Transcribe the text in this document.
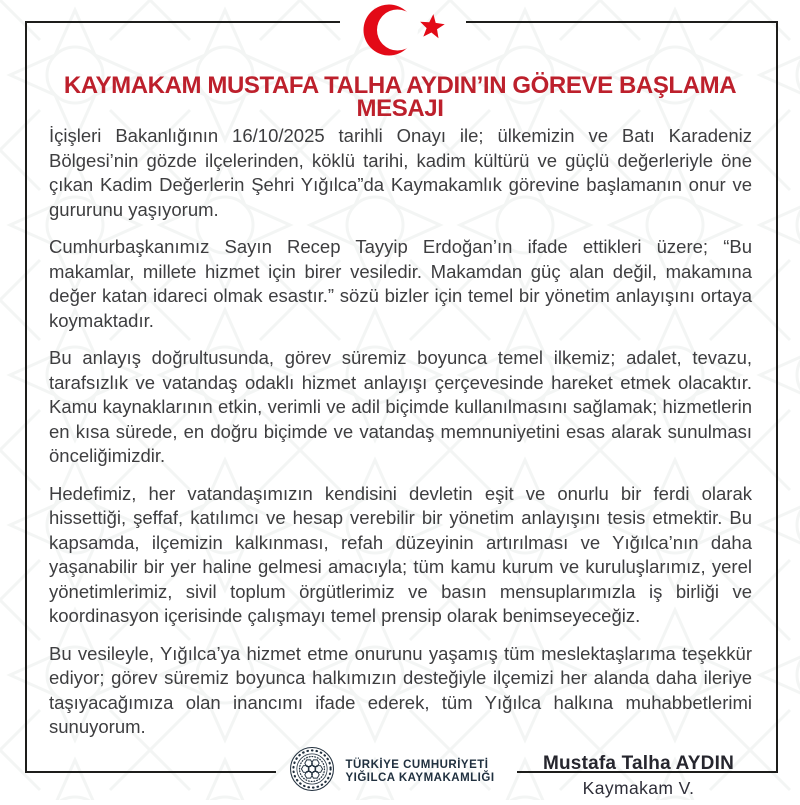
KAYMAKAM MUSTAFA TALHA AYDIN’IN GÖREVE BAŞLAMA
MESAJI

İçişleri Bakanlığının 16/10/2025 tarihli Onayı ile; ülkemizin ve Batı Karadeniz Bölgesi’nin gözde ilçelerinden, köklü tarihi, kadim kültürü ve güçlü değerleriyle öne çıkan Kadim Değerlerin Şehri Yığılca”da Kaymakamlık görevine başlamanın onur ve gururunu yaşıyorum.

Cumhurbaşkanımız Sayın Recep Tayyip Erdoğan’ın ifade ettikleri üzere; “Bu makamlar, millete hizmet için birer vesiledir. Makamdan güç alan değil, makamına değer katan idareci olmak esastır.” sözü bizler için temel bir yönetim anlayışını ortaya koymaktadır.

Bu anlayış doğrultusunda, görev süremiz boyunca temel ilkemiz; adalet, tevazu, tarafsızlık ve vatandaş odaklı hizmet anlayışı çerçevesinde hareket etmek olacaktır. Kamu kaynaklarının etkin, verimli ve adil biçimde kullanılmasını sağlamak; hizmetlerin en kısa sürede, en doğru biçimde ve vatandaş memnuniyetini esas alarak sunulması önceliğimizdir.

Hedefimiz, her vatandaşımızın kendisini devletin eşit ve onurlu bir ferdi olarak hissettiği, şeffaf, katılımcı ve hesap verebilir bir yönetim anlayışını tesis etmektir. Bu kapsamda, ilçemizin kalkınması, refah düzeyinin artırılması ve Yığılca’nın daha yaşanabilir bir yer haline gelmesi amacıyla; tüm kamu kurum ve kuruluşlarımız, yerel yönetimlerimiz, sivil toplum örgütlerimiz ve basın mensuplarımızla iş birliği ve koordinasyon içerisinde çalışmayı temel prensip olarak benimseyeceğiz.

Bu vesileyle, Yığılca’ya hizmet etme onurunu yaşamış tüm meslektaşlarıma teşekkür ediyor; görev süremiz boyunca halkımızın desteğiyle ilçemizi her alanda daha ileriye taşıyacağımıza olan inancımı ifade ederek, tüm Yığılca halkına muhabbetlerimi sunuyorum.

Mustafa Talha AYDIN
Kaymakam V.
TÜRKİYE CUMHURİYETİ
YIĞILCA KAYMAKAMLIĞI
